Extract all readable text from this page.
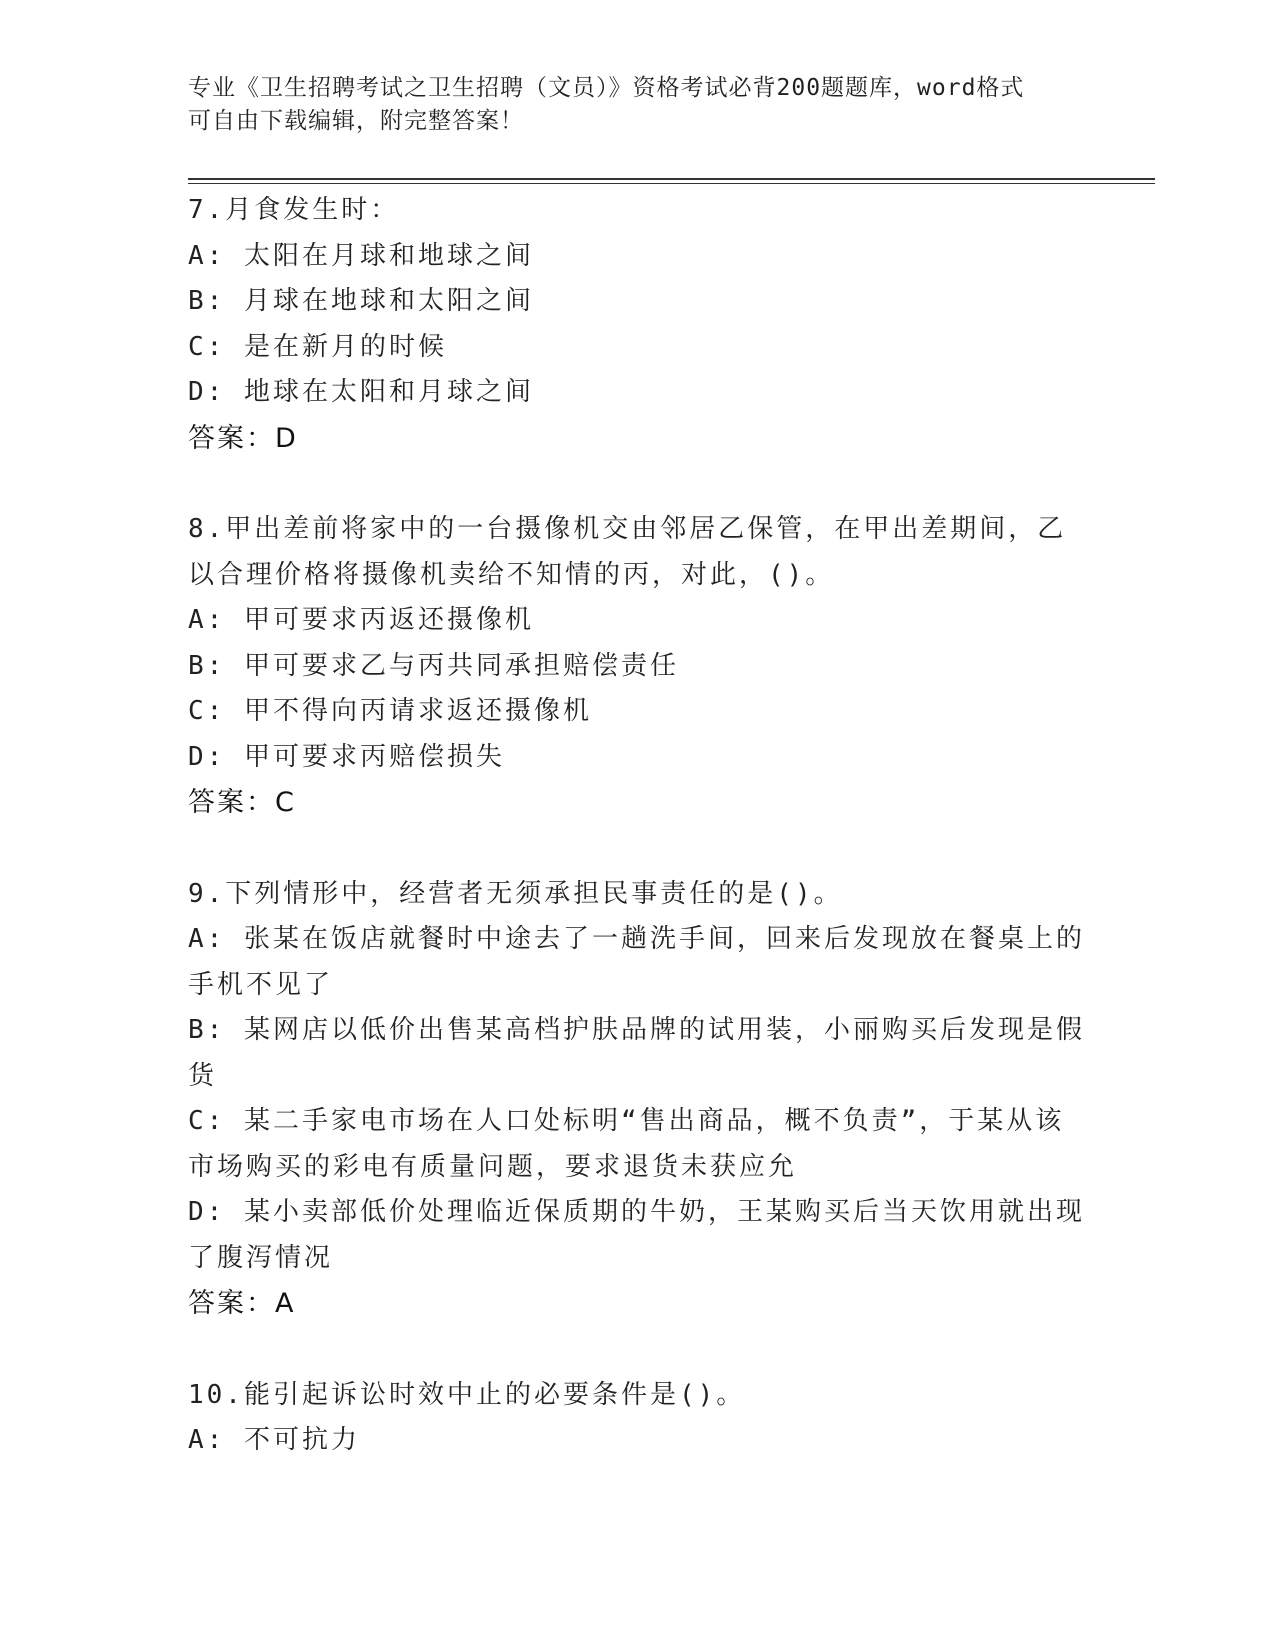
专业《卫生招聘考试之卫生招聘（文员）》资格考试必背200题题库，word格式
可自由下载编辑，附完整答案！
7.月食发生时：
A: 太阳在月球和地球之间
B: 月球在地球和太阳之间
C: 是在新月的时候
D: 地球在太阳和月球之间
答案：D
8.甲出差前将家中的一台摄像机交由邻居乙保管，在甲出差期间，乙
以合理价格将摄像机卖给不知情的丙，对此，()。
A: 甲可要求丙返还摄像机
B: 甲可要求乙与丙共同承担赔偿责任
C: 甲不得向丙请求返还摄像机
D: 甲可要求丙赔偿损失
答案：C
9.下列情形中，经营者无须承担民事责任的是()。
A: 张某在饭店就餐时中途去了一趟洗手间，回来后发现放在餐桌上的
手机不见了
B: 某网店以低价出售某高档护肤品牌的试用装，小丽购买后发现是假
货
C: 某二手家电市场在人口处标明“售出商品，概不负责”，于某从该
市场购买的彩电有质量问题，要求退货未获应允
D: 某小卖部低价处理临近保质期的牛奶，王某购买后当天饮用就出现
了腹泻情况
答案：A
10.能引起诉讼时效中止的必要条件是()。
A: 不可抗力
